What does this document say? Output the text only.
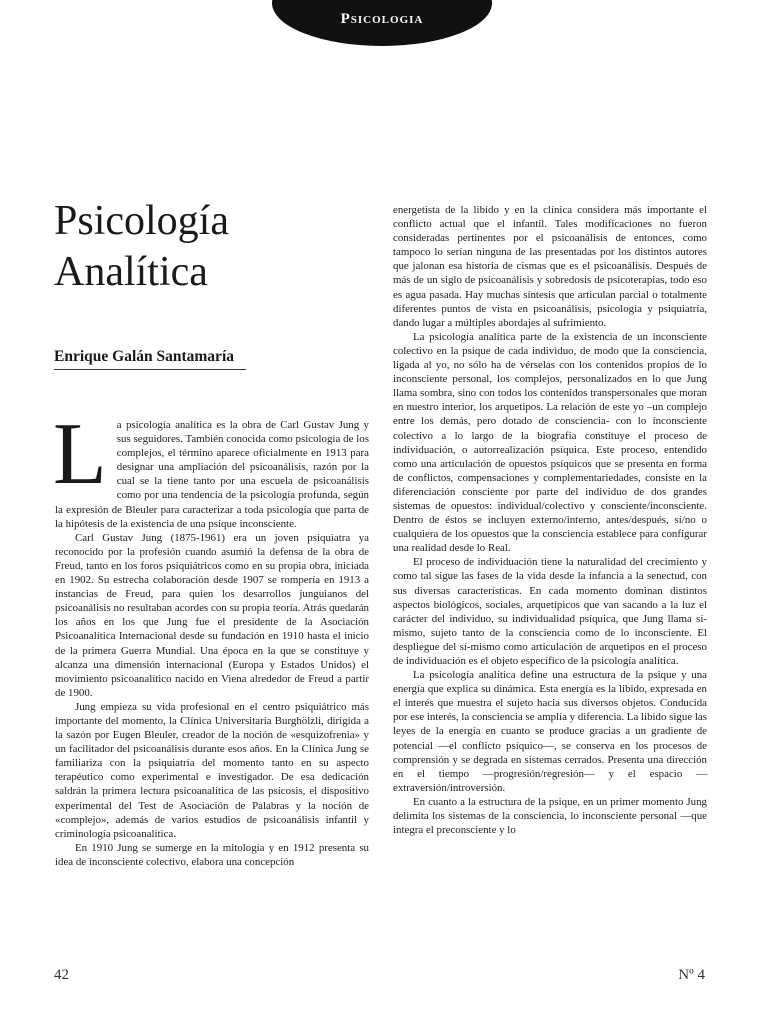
Psicologia
Psicología
Analítica
Enrique Galán Santamaría

La psicología analítica es la obra de Carl Gustav Jung y sus seguidores. También conocida como psicología de los complejos, el término aparece oficialmente en 1913 para designar una ampliación del psicoanálisis, razón por la cual se la tiene tanto por una escuela de psicoanálisis como por una tendencia de la psicología profunda, según la expresión de Bleuler para caracterizar a toda psicología que parta de la hipótesis de la existencia de una psique inconsciente.

Carl Gustav Jung (1875-1961) era un joven psiquiatra ya reconocido por la profesión cuando asumió la defensa de la obra de Freud, tanto en los foros psiquiátricos como en su propia obra, iniciada en 1902. Su estrecha colaboración desde 1907 se rompería en 1913 a instancias de Freud, para quien los desarrollos junguianos del psicoanálisis no resultaban acordes con su propia teoría. Atrás quedarán los años en los que Jung fue el presidente de la Asociación Psicoanalítica Internacional desde su fundación en 1910 hasta el inicio de la primera Guerra Mundial. Una época en la que se constituye y alcanza una dimensión internacional (Europa y Estados Unidos) el movimiento psicoanalítico nacido en Viena alrededor de Freud a partir de 1900.

Jung empieza su vida profesional en el centro psiquiátrico más importante del momento, la Clínica Universitaria Burghölzli, dirigida a la sazón por Eugen Bleuler, creador de la noción de «esquizofrenia» y un facilitador del psicoanálisis durante esos años. En la Clínica Jung se familiariza con la psiquiatría del momento tanto en su aspecto terapéutico como experimental e investigador. De esa dedicación saldrán la primera lectura psicoanalítica de las psicosis, el dispositivo experimental del Test de Asociación de Palabras y la noción de «complejo», además de varios estudios de psicoanálisis infantil y criminología psicoanalítica.

En 1910 Jung se sumerge en la mitología y en 1912 presenta su idea de inconsciente colectivo, elabora una concepción

energetista de la libido y en la clínica considera más importante el conflicto actual que el infantil. Tales modificaciones no fueron consideradas pertinentes por el psicoanálisis de entonces, como tampoco lo serían ninguna de las presentadas por los distintos autores que jalonan esa historia de cismas que es el psicoanálisis. Después de más de un siglo de psicoanálisis y sobredosis de psicoterapias, todo eso es agua pasada. Hay muchas síntesis que articulan parcial o totalmente diferentes puntos de vista en psicoanálisis, psicología y psiquiatría, dando lugar a múltiples abordajes al sufrimiento.

La psicología analítica parte de la existencia de un inconsciente colectivo en la psique de cada individuo, de modo que la consciencia, ligada al yo, no sólo ha de vérselas con los contenidos propios de lo inconsciente personal, los complejos, personalizados en lo que Jung llama sombra, sino con todos los contenidos transpersonales que moran en nuestro interior, los arquetipos. La relación de este yo –un complejo entre los demás, pero dotado de consciencia- con lo inconsciente colectivo a lo largo de la biografía constituye el proceso de individuación, o autorrealización psíquica. Este proceso, entendido como una articulación de opuestos psíquicos que se presenta en forma de conflictos, compensaciones y complementariedades, consiste en la diferenciación consciente por parte del individuo de dos grandes sistemas de opuestos: individual/colectivo y consciente/inconsciente. Dentro de éstos se incluyen externo/interno, antes/después, sí/no o cualquiera de los opuestos que la consciencia establece para configurar una realidad desde lo Real.

El proceso de individuación tiene la naturalidad del crecimiento y como tal sigue las fases de la vida desde la infancia a la senectud, con sus diversas características. En cada momento dominan distintos aspectos biológicos, sociales, arquetípicos que van sacando a la luz el carácter del individuo, su individualidad psíquica, que Jung llama sí-mismo, sujeto tanto de la consciencia como de lo inconsciente. El despliegue del sí-mismo como articulación de arquetipos en el proceso de individuación es el objeto específico de la psicología analítica.

La psicología analítica define una estructura de la psique y una energía que explica su dinámica. Esta energía es la libido, expresada en el interés que muestra el sujeto hacia sus diversos objetos. Conducida por ese interés, la consciencia se amplía y diferencia. La libido sigue las leyes de la energía en cuanto se produce gracias a un gradiente de potencial —el conflicto psíquico—, se conserva en los procesos de comprensión y se degrada en sistemas cerrados. Presenta una dirección en el tiempo —progresión/regresión— y el espacio —extraversión/introversión.

En cuanto a la estructura de la psique, en un primer momento Jung delimita los sistemas de la consciencia, lo inconsciente personal —que integra el preconsciente y lo

42	Nº 4
